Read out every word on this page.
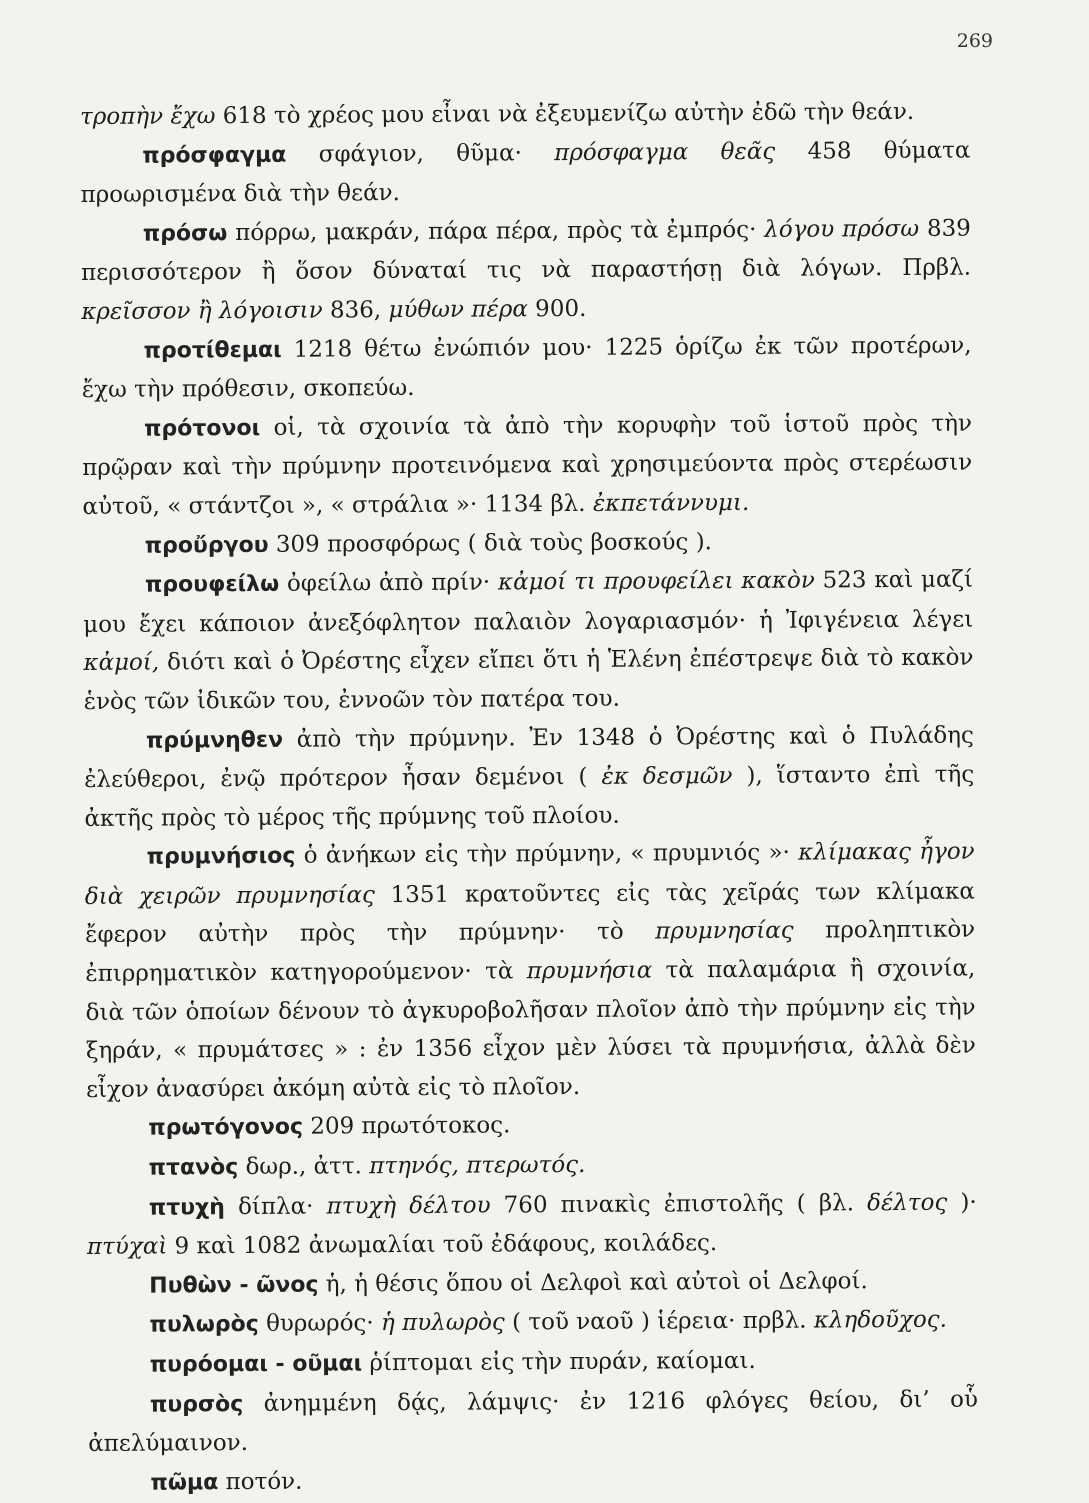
269

τροπὴν ἔχω 618 τὸ χρέος μου εἶναι νὰ ἐξευμενίζω αὐτὴν ἐδῶ τὴν θεάν.

πρόσφαγμα σφάγιον, θῦμα· πρόσφαγμα θεᾶς 458 θύματα προωρισμένα διὰ τὴν θεάν.

πρόσω πόρρω, μακράν, πάρα πέρα, πρὸς τὰ ἐμπρός· λόγου πρόσω 839 περισσότερον ἢ ὅσον δύναταί τις νὰ παραστήσῃ διὰ λόγων. Πρβλ. κρεῖσσον ἢ λόγοισιν 836, μύθων πέρα 900.

προτίθεμαι 1218 θέτω ἐνώπιόν μου· 1225 ὁρίζω ἐκ τῶν προτέρων, ἔχω τὴν πρόθεσιν, σκοπεύω.

πρότονοι οἱ, τὰ σχοινία τὰ ἀπὸ τὴν κορυφὴν τοῦ ἱστοῦ πρὸς τὴν πρῷραν καὶ τὴν πρύμνην προτεινόμενα καὶ χρησιμεύοντα πρὸς στερέωσιν αὐτοῦ, « στάντζοι », « στράλια »· 1134 βλ. ἐκπετάννυμι.

προὔργου 309 προσφόρως ( διὰ τοὺς βοσκούς ).

προυφείλω ὀφείλω ἀπὸ πρίν· κἀμοί τι προυφείλει κακὸν 523 καὶ μαζί μου ἔχει κάποιον ἀνεξόφλητον παλαιὸν λογαριασμόν· ἡ Ἰφιγένεια λέγει κἀμοί, διότι καὶ ὁ Ὀρέστης εἶχεν εἴπει ὅτι ἡ Ἑλένη ἐπέστρεψε διὰ τὸ κακὸν ἑνὸς τῶν ἰδικῶν του, ἐννοῶν τὸν πατέρα του.

πρύμνηθεν ἀπὸ τὴν πρύμνην. Ἐν 1348 ὁ Ὀρέστης καὶ ὁ Πυλάδης ἐλεύθεροι, ἐνῷ πρότερον ἦσαν δεμένοι ( ἐκ δεσμῶν ), ἵσταντο ἐπὶ τῆς ἀκτῆς πρὸς τὸ μέρος τῆς πρύμνης τοῦ πλοίου.

πρυμνήσιος ὁ ἀνήκων εἰς τὴν πρύμνην, « πρυμνιός »· κλίμακας ἦγον διὰ χειρῶν πρυμνησίας 1351 κρατοῦντες εἰς τὰς χεῖράς των κλίμακα ἔφερον αὐτὴν πρὸς τὴν πρύμνην· τὸ πρυμνησίας προληπτικὸν ἐπιρρηματικὸν κατηγορούμενον· τὰ πρυμνήσια τὰ παλαμάρια ἢ σχοινία, διὰ τῶν ὁποίων δένουν τὸ ἀγκυροβολῆσαν πλοῖον ἀπὸ τὴν πρύμνην εἰς τὴν ξηράν, « πρυμάτσες » : ἐν 1356 εἶχον μὲν λύσει τὰ πρυμνήσια, ἀλλὰ δὲν εἶχον ἀνασύρει ἀκόμη αὐτὰ εἰς τὸ πλοῖον.

πρωτόγονος 209 πρωτότοκος.

πτανὸς δωρ., ἀττ. πτηνός, πτερωτός.

πτυχὴ δίπλα· πτυχὴ δέλτου 760 πινακὶς ἐπιστολῆς ( βλ. δέλτος )· πτύχαὶ 9 καὶ 1082 ἀνωμαλίαι τοῦ ἐδάφους, κοιλάδες.

Πυθὼν - ῶνος ἡ, ἡ θέσις ὅπου οἱ Δελφοὶ καὶ αὐτοὶ οἱ Δελφοί.

πυλωρὸς θυρωρός· ἡ πυλωρὸς ( τοῦ ναοῦ ) ἱέρεια· πρβλ. κληδοῦχος.

πυρόομαι - οῦμαι ῥίπτομαι εἰς τὴν πυράν, καίομαι.

πυρσὸς ἀνημμένη δᾴς, λάμψις· ἐν 1216 φλόγες θείου, δι’ οὗ ἀπελύμαινον.

πῶμα ποτόν.
